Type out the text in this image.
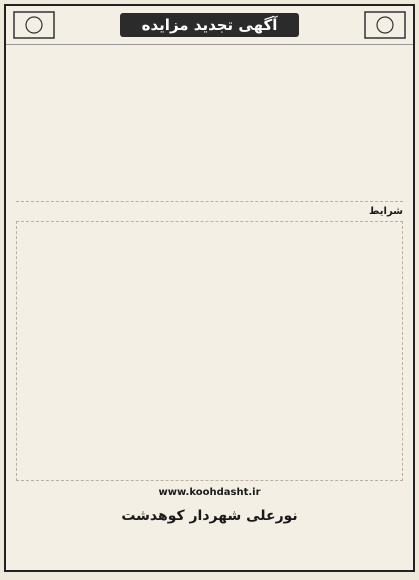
آگهی تجدید مزایده
شرایط
www.koohdasht.ir
نورعلی شهردار کوهدشت
